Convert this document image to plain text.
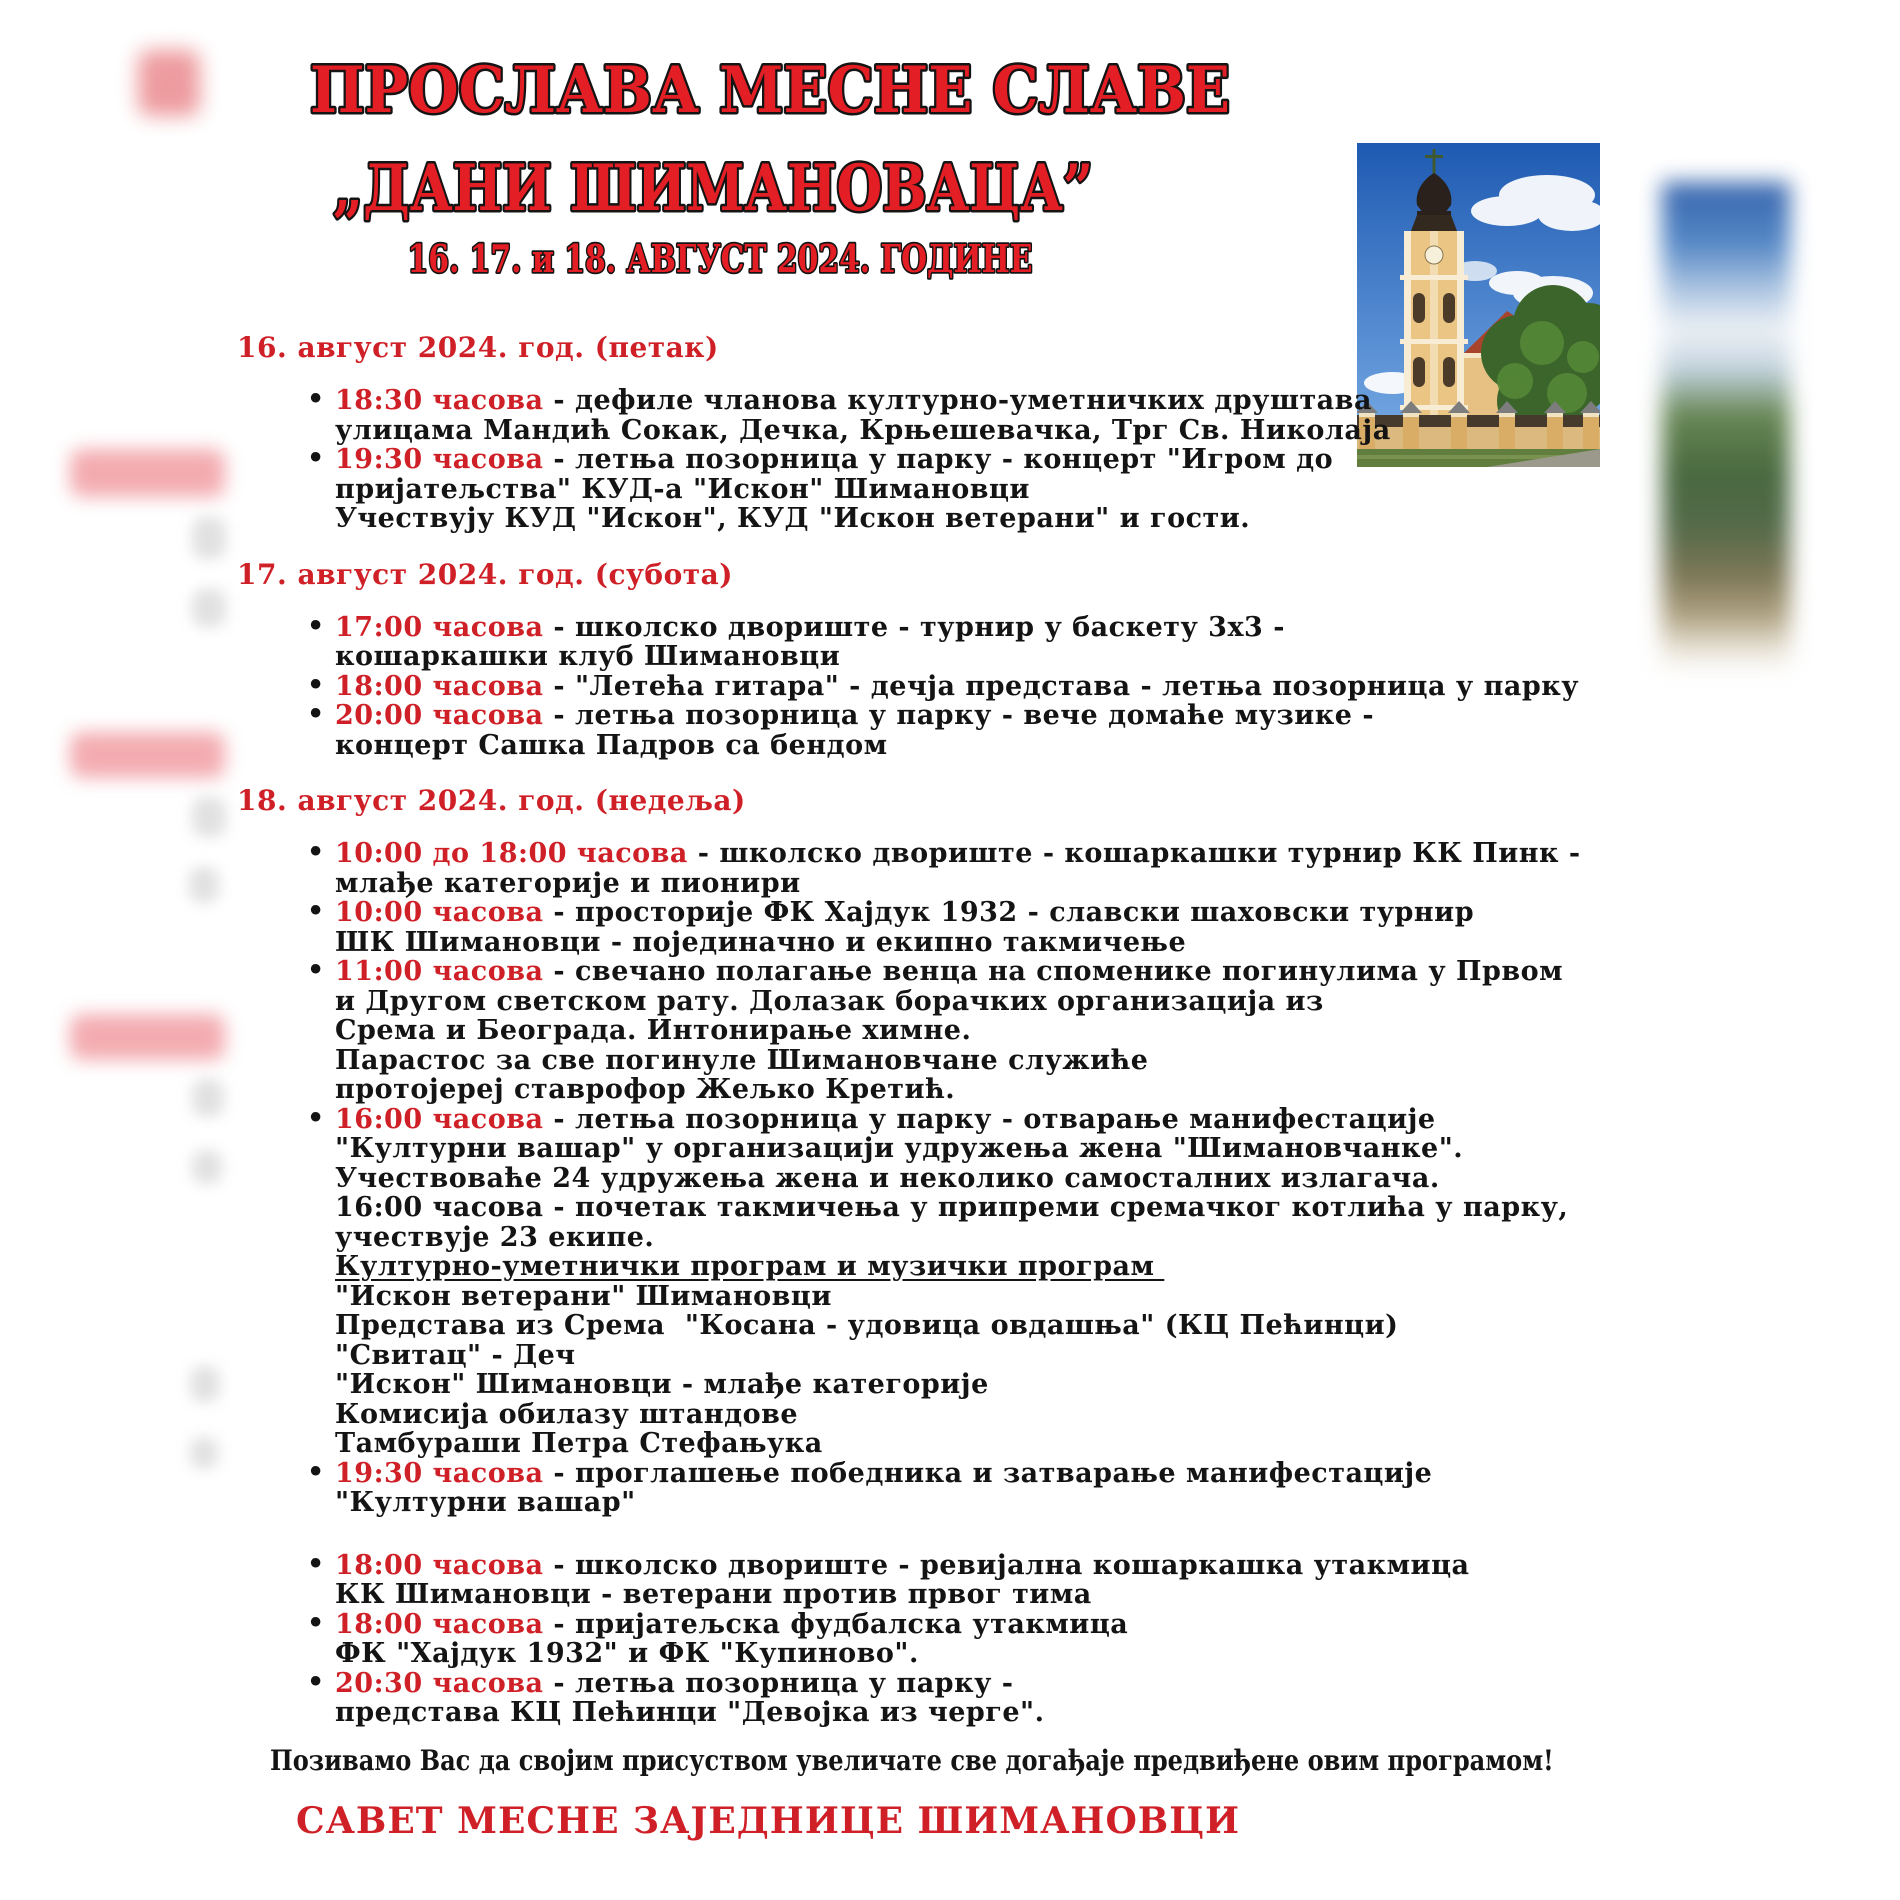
ПРОСЛАВА МЕСНЕ СЛАВЕ
„ДАНИ ШИМАНОВАЦА”
16. 17. и 18. АВГУСТ 2024. ГОДИНЕ
16. август 2024. год. (петак)
• 18:30 часова - дефиле чланова културно-уметничких друштава
улицама Мандић Сокак, Дечка, Крњешевачка, Трг Св. Николаја
• 19:30 часова - летња позорница у парку - концерт "Игром до
пријатељства" КУД-а "Искон" Шимановци
Учествују КУД "Искон", КУД "Искон ветерани" и гости.
17. август 2024. год. (субота)
• 17:00 часова - школско двориште - турнир у баскету 3x3 -
кошаркашки клуб Шимановци
• 18:00 часова - "Летећа гитара" - дечја представа - летња позорница у парку
• 20:00 часова - летња позорница у парку - вече домаће музике -
концерт Сашка Падров са бендом
18. август 2024. год. (недеља)
• 10:00 до 18:00 часова - школско двориште - кошаркашки турнир КК Пинк -
млађе категорије и пионири
• 10:00 часова - просторије ФК Хајдук 1932 - славски шаховски турнир
ШК Шимановци - појединачно и екипно такмичење
• 11:00 часова - свечано полагање венца на споменике погинулима у Првом
и Другом светском рату. Долазак борачких организација из
Срема и Београда. Интонирање химне.
Парастос за све погинуле Шимановчане служиће
протојереј ставрофор Жељко Кретић.
• 16:00 часова - летња позорница у парку - отварање манифестације
"Културни вашар" у организацији удружења жена "Шимановчанке".
Учествоваће 24 удружења жена и неколико самосталних излагача.
16:00 часова - почетак такмичења у припреми сремачког котлића у парку,
учествује 23 екипе.
Културно-уметнички програм и музички програм
"Искон ветерани" Шимановци
Представа из Срема  "Косана - удовица овдашња" (КЦ Пећинци)
"Свитац" - Деч
"Искон" Шимановци - млађе категорије
Комисија обилазу штандове
Тамбураши Петра Стефањука
• 19:30 часова - проглашење победника и затварање манифестације
"Културни вашар"
• 18:00 часова - школско двориште - ревијална кошаркашка утакмица
КК Шимановци - ветерани против првог тима
• 18:00 часова - пријатељска фудбалска утакмица
ФК "Хајдук 1932" и ФК "Купиново".
• 20:30 часова - летња позорница у парку -
представа КЦ Пећинци "Девојка из черге".
Позивамо Вас да својим присуством увеличате све догађаје предвиђене овим програмом!
САВЕТ МЕСНЕ ЗАЈЕДНИЦЕ ШИМАНОВЦИ
